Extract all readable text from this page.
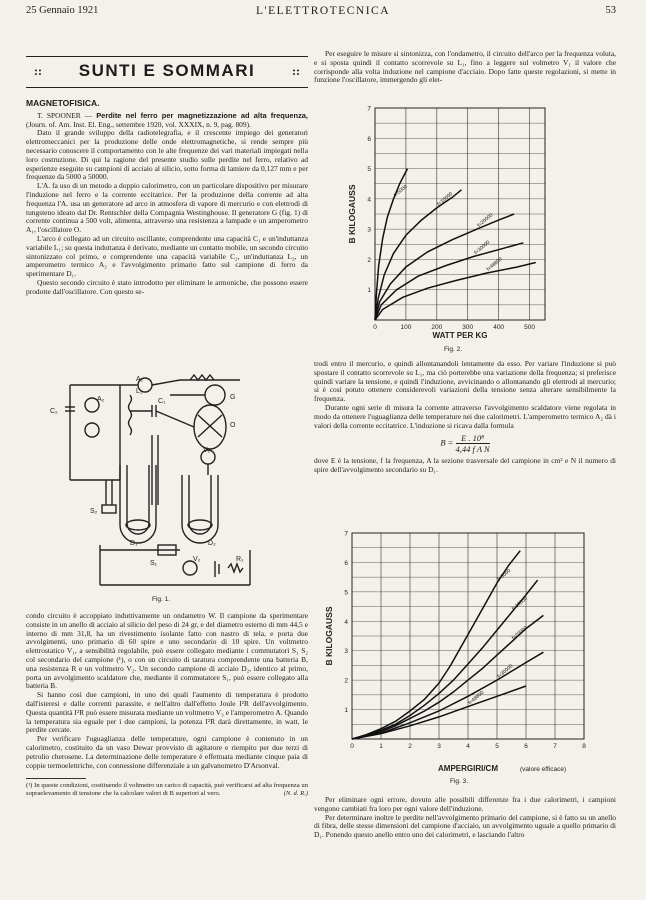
25 Gennaio 1921	L'ELETTROTECNICA	53
::	SUNTI E SOMMARI	::
MAGNETOFISICA.

T. SPOONER — Perdite nel ferro per magnetizzazione ad alta frequenza, (Journ. of. Am. Inst. El. Eng., settembre 1920, vol. XXXIX, n. 9, pag. 809).

Dato il grande sviluppo della radiotelegrafia, e il crescente impiego dei generatori elettromeccanici per la produzione delle onde elettromagnetiche, si rende sempre più necessario conoscere il comportamento con le alte frequenze dei vari materiali impiegati nella loro costruzione. Di qui la ragione del presente studio sulle perdite nel ferro, relativo ad esperienze eseguite su campioni di acciaio al silicio, sotto forma di lamiere da 0,127 mm e per frequenze da 5000 a 50000.

L'A. fa uso di un metodo a doppio calorimetro, con un particolare dispositivo per misurare l'induzione nel ferro e la corrente eccitatrice. Per la produzione della corrente ad alta frequenza l'A. usa un generatore ad arco in atmosfera di vapore di mercurio e con elettrodi di tungsteno ideato dal Dr. Rentschler della Compagnia Westinghouse. Il generatore G (fig. 1) di corrente continua a 500 volt, alimenta, attraverso una resistenza a lampade e un amperometro A₁, l'oscillatore O.

L'arco è collegato ad un circuito oscillante, comprendente una capacità C₁ e un'induttanza variabile L₁; su questa induttanza è derivato, mediante un contatto mobile, un secondo circuito sintonizzato col primo, e comprendente una capacità variabile C₂, un'induttanza L₂, un amperometro termico A₂ e l'avvolgimento primario fatto sul campione di ferro da sperimentare D₁.

Questo secondo circuito è stato introdotto per eliminare le armoniche, che possono essere prodotte dall'oscillatore. Con questo se-

A₁
A₂
V₁
V₂
C₁
C₂
L₁
D₁	D₂
S₁
S₂
R₁
G
O
Fig. 1.

condo circuito è accoppiato induttivamente un ondametro W. Il campione da sperimentare consiste in un anello di acciaio al silicio del peso di 24 gr, e del diametro esterno di mm 44,5 e interno di mm 31,8, ha un rivestimento isolante fatto con nastro di tela, e porta due avvolgimenti, uno primario di 60 spire e uno secondario di 10 spire. Un voltmetro elettrostatico V₁, a sensibilità regolabile, può essere collegato mediante i commutatori S₁ S₂ col secondario del campione (¹), o con un circuito di taratura comprendente una batteria B, una resistenza R e un voltmetro V₂. Un secondo campione di acciaio D₂, identico al primo, porta un avvolgimento scaldatore che, mediante il commutatore S₁, può essere collegato alla batteria B.

Si hanno così due campioni, in uno dei quali l'aumento di temperatura è prodotto dall'isteresi e dalle correnti parassite, e nell'altro dall'effetto Joule I²R dell'avvolgimento. Questa quantità I²R può essere misurata mediante un voltmetro V₃ e l'amperometro A. Quando la temperatura sia eguale per i due campioni, la potenza I²R darà direttamente, in watt, le perdite cercate.

Per verificare l'uguaglianza delle temperature, ogni campione è contenuto in un calorimetro, costituito da un vaso Dewar provvisto di agitatore e riempito per due terzi di petrolio cherosene. La determinazione delle temperature è effettuata mediante cinque paia di coppie termoelettriche, con connessione differenziale a un galvanometro D'Arsonval.

(¹) In queste condizioni, costituendo il voltmetro un carico di capacità, può verificarsi ad alta frequenza un sopraelevamento di tensione che fa calcolare valori di B superiori al vero.	(N. d. R.)

Per eseguire le misure si sintonizza, con l'ondametro, il circuito dell'arco per la frequenza voluta, e si sposta quindi il contatto scorrevole su L₁, fino a leggere sul volmetro V₁ il valore che corrisponde alla volta induzione nel campione d'acciaio. Dopo fatte queste regolazioni, si mette in funzione l'oscillatore, immergendo gli elet-

0	100	200	300	400	500
1
2
3
4
5
6
7
WATT PER KG
B KILOGAUSS	f=5000
f=10000
f=20000
f=30000
f=48800
Fig. 2.

trodi entro il mercurio, e quindi allontanandoli lentamente da esso. Per variare l'induzione si può spostare il contatto scorrevole su L₁, ma ciò porterebbe una variazione della frequenza; si preferisce quindi variare la tensione, e quindi l'induzione, avvicinando o allontanando gli elettrodi al mercurio; si è così potuto ottenere considerevoli variazioni della tensione senza alterare sensibilmente la frequenza.

Durante ogni serie di misura la corrente attraverso l'avvolgimento scaldatore viene regolata in modo da ottenere l'uguaglianza delle temperature nei due calorimetri. L'amperometro termico A₂ dà i valori della corrente eccitatrice. L'induzione si ricava dalla formula

$B = \frac{\text{E . 10⁸}}{\text{4,44 f A N}}$

dove E è la tensione, f la frequenza, A la sezione trasversale del campione in cm² e N il numero di spire dell'avvolgimento secondario su D₁.

0	1	2	3	4	5	6	7	8
1
2
3
4
5
6
7
AMPERGIRI/CM	(valore efficace)
B KILOGAUSS
f=5000
f=10000
f=20000
f=30000
f=48800
Fig. 3.

Per eliminare ogni errore, dovuto alle possibili differenze fra i due calorimetri, i campioni vengono cambiati fra loro per ogni valore dell'induzione.

Per determinare inoltre le perdite nell'avvolgimento primario del campione, si è fatto su un anello di fibra, delle stesse dimensioni del campione d'acciaio, un avvolgimento uguale a quello primario di D₁. Ponendo questo anello entro uno dei calorimetri, e lasciando l'altro
